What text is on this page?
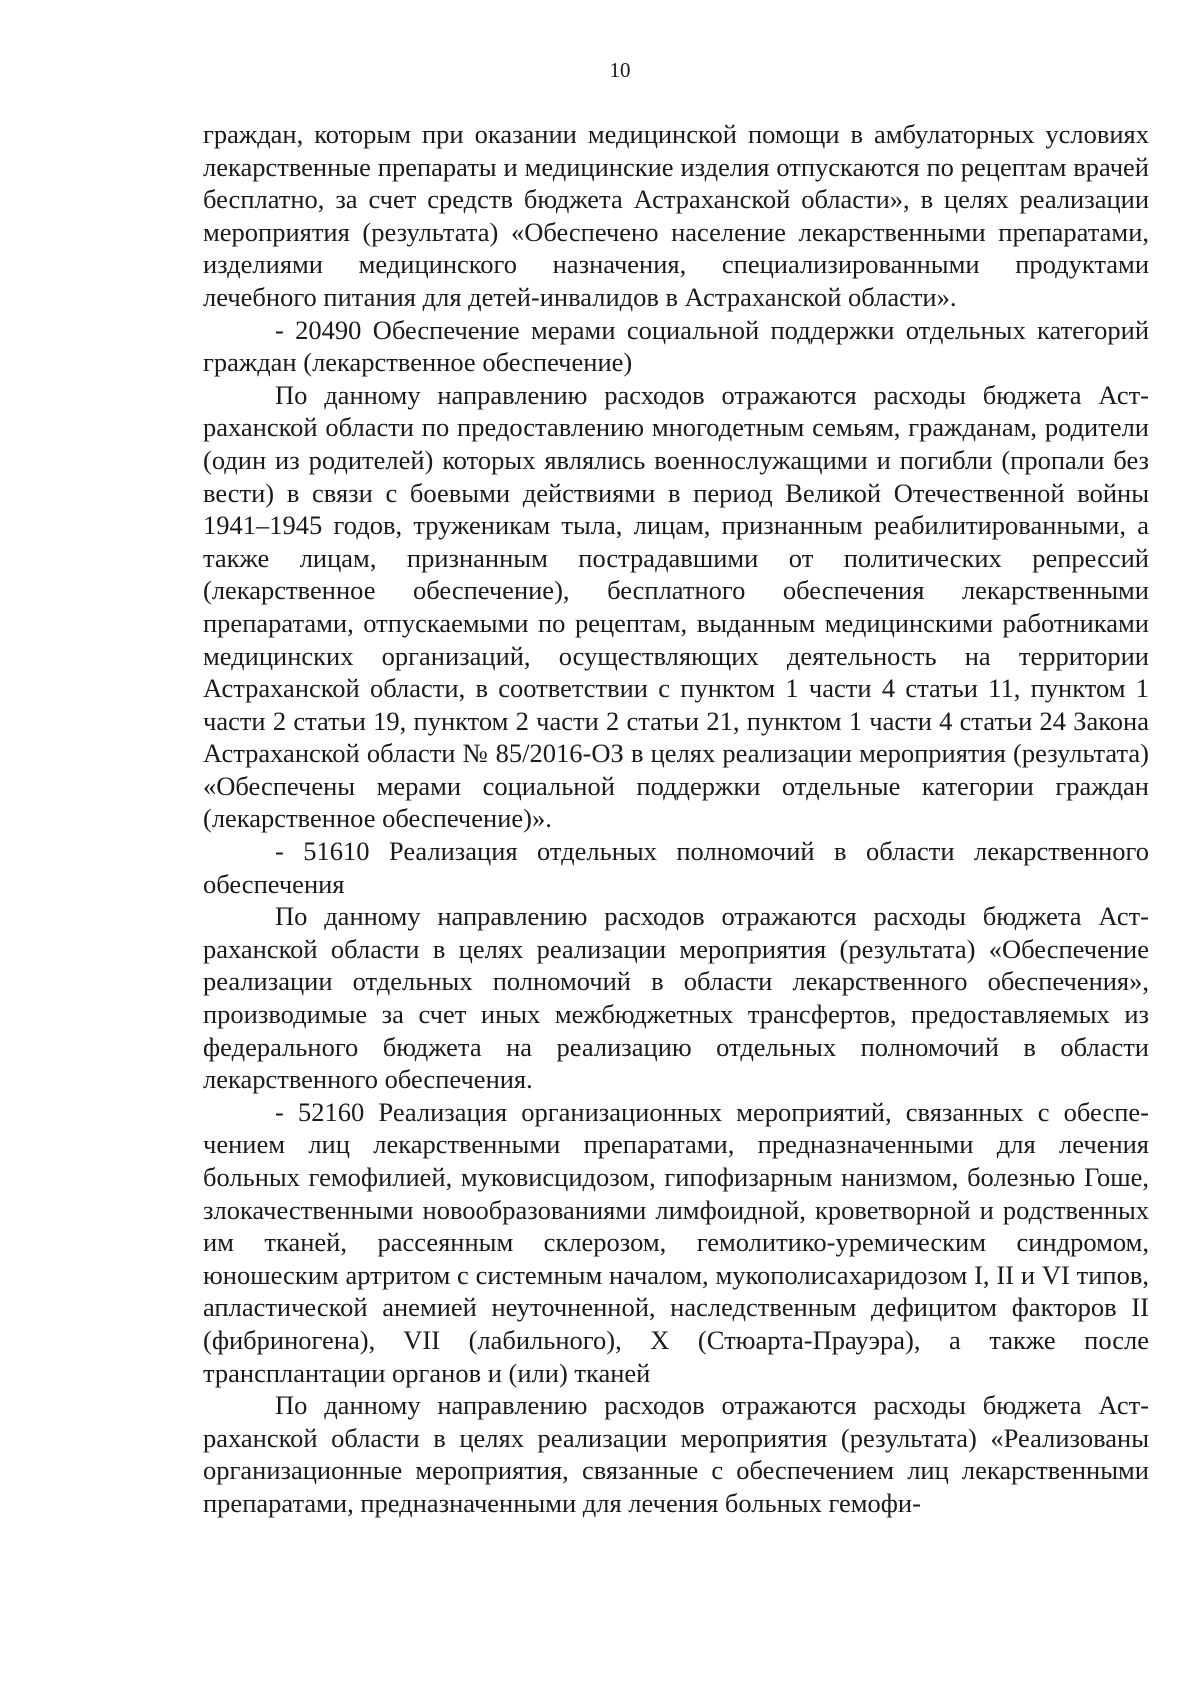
10

граждан, которым при оказании медицинской помощи в амбулаторных условиях лекарственные препараты и медицинские изделия отпускаются по рецептам врачей бесплатно, за счет средств бюджета Астраханской области», в целях реализации мероприятия (результата) «Обеспечено население лекарственными препаратами, изделиями медицинского назначения, специализированными продуктами лечебного питания для детей-инвалидов в Астраханской области».

- 20490 Обеспечение мерами социальной поддержки отдельных категорий граждан (лекарственное обеспечение)

По данному направлению расходов отражаются расходы бюджета Астраханской области по предоставлению многодетным семьям, гражданам, родители (один из родителей) которых являлись военнослужащими и погибли (пропали без вести) в связи с боевыми действиями в период Великой Отечественной войны 1941–1945 годов, труженикам тыла, лицам, признанным реабилитированными, а также лицам, признанным пострадавшими от политических репрессий (лекарственное обеспечение), бесплатного обеспечения лекарственными препаратами, отпускаемыми по рецептам, выданным медицинскими работниками медицинских организаций, осуществляющих деятельность на территории Астраханской области, в соответствии с пунктом 1 части 4 статьи 11, пунктом 1 части 2 статьи 19, пунктом 2 части 2 статьи 21, пунктом 1 части 4 статьи 24 Закона Астраханской области № 85/2016-ОЗ в целях реализации мероприятия (результата) «Обеспечены мерами социальной поддержки отдельные категории граждан (лекарственное обеспечение)».

- 51610 Реализация отдельных полномочий в области лекарственного обеспечения

По данному направлению расходов отражаются расходы бюджета Астраханской области в целях реализации мероприятия (результата) «Обеспечение реализации отдельных полномочий в области лекарственного обеспечения», производимые за счет иных межбюджетных трансфертов, предоставляемых из федерального бюджета на реализацию отдельных полномочий в области лекарственного обеспечения.

- 52160 Реализация организационных мероприятий, связанных с обеспечением лиц лекарственными препаратами, предназначенными для лечения больных гемофилией, муковисцидозом, гипофизарным нанизмом, болезнью Гоше, злокачественными новообразованиями лимфоидной, кроветворной и родственных им тканей, рассеянным склерозом, гемолитико-уремическим синдромом, юношеским артритом с системным началом, мукополисахаридозом I, II и VI типов, апластической анемией неуточненной, наследственным дефицитом факторов II (фибриногена), VII (лабильного), X (Стюарта-Прауэра), а также после трансплантации органов и (или) тканей

По данному направлению расходов отражаются расходы бюджета Астраханской области в целях реализации мероприятия (результата) «Реализованы организационные мероприятия, связанные с обеспечением лиц лекарственными препаратами, предназначенными для лечения больных гемофи-
